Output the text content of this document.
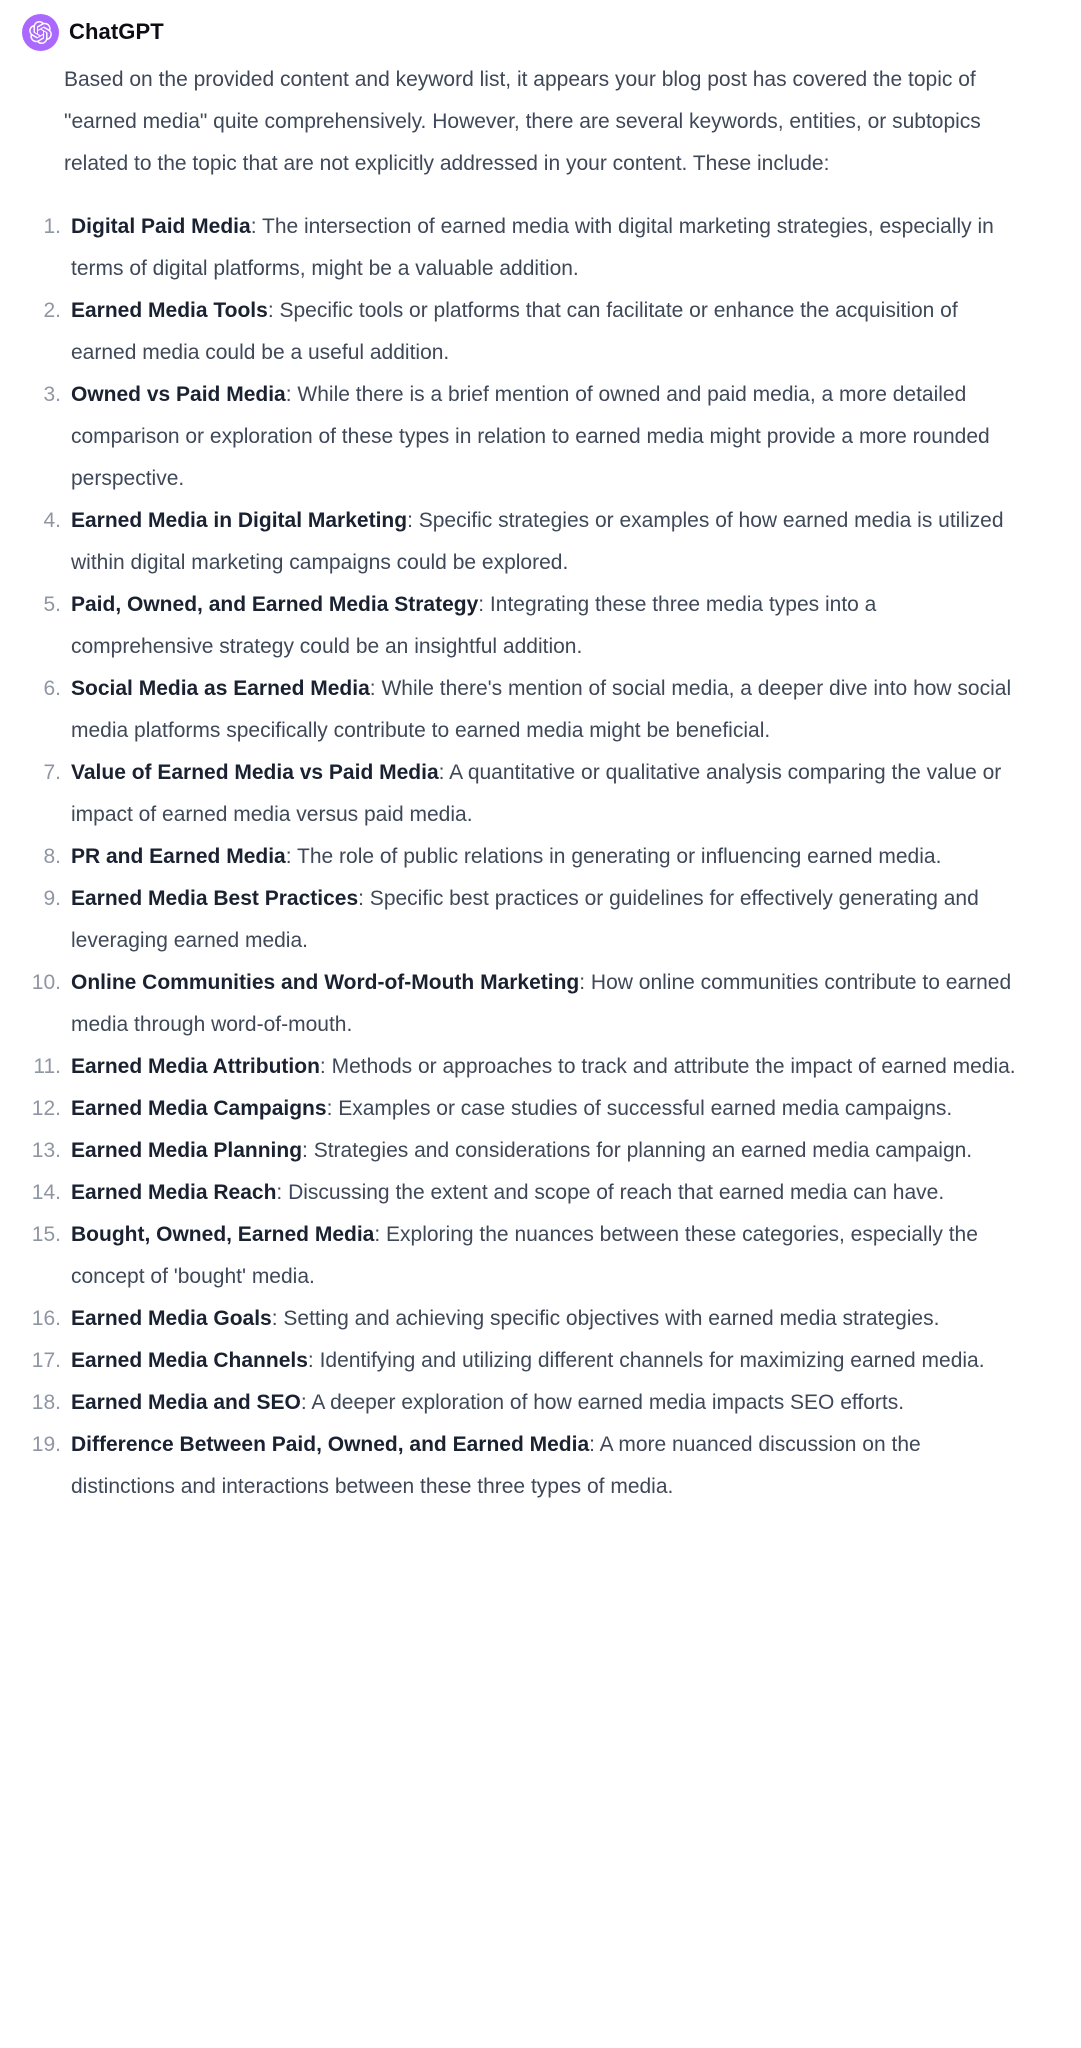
ChatGPT

Based on the provided content and keyword list, it appears your blog post has covered the topic of "earned media" quite comprehensively. However, there are several keywords, entities, or subtopics related to the topic that are not explicitly addressed in your content. These include:

1. Digital Paid Media: The intersection of earned media with digital marketing strategies, especially in terms of digital platforms, might be a valuable addition.
2. Earned Media Tools: Specific tools or platforms that can facilitate or enhance the acquisition of earned media could be a useful addition.
3. Owned vs Paid Media: While there is a brief mention of owned and paid media, a more detailed comparison or exploration of these types in relation to earned media might provide a more rounded perspective.
4. Earned Media in Digital Marketing: Specific strategies or examples of how earned media is utilized within digital marketing campaigns could be explored.
5. Paid, Owned, and Earned Media Strategy: Integrating these three media types into a comprehensive strategy could be an insightful addition.
6. Social Media as Earned Media: While there's mention of social media, a deeper dive into how social media platforms specifically contribute to earned media might be beneficial.
7. Value of Earned Media vs Paid Media: A quantitative or qualitative analysis comparing the value or impact of earned media versus paid media.
8. PR and Earned Media: The role of public relations in generating or influencing earned media.
9. Earned Media Best Practices: Specific best practices or guidelines for effectively generating and leveraging earned media.
10. Online Communities and Word-of-Mouth Marketing: How online communities contribute to earned media through word-of-mouth.
11. Earned Media Attribution: Methods or approaches to track and attribute the impact of earned media.
12. Earned Media Campaigns: Examples or case studies of successful earned media campaigns.
13. Earned Media Planning: Strategies and considerations for planning an earned media campaign.
14. Earned Media Reach: Discussing the extent and scope of reach that earned media can have.
15. Bought, Owned, Earned Media: Exploring the nuances between these categories, especially the concept of 'bought' media.
16. Earned Media Goals: Setting and achieving specific objectives with earned media strategies.
17. Earned Media Channels: Identifying and utilizing different channels for maximizing earned media.
18. Earned Media and SEO: A deeper exploration of how earned media impacts SEO efforts.
19. Difference Between Paid, Owned, and Earned Media: A more nuanced discussion on the distinctions and interactions between these three types of media.
